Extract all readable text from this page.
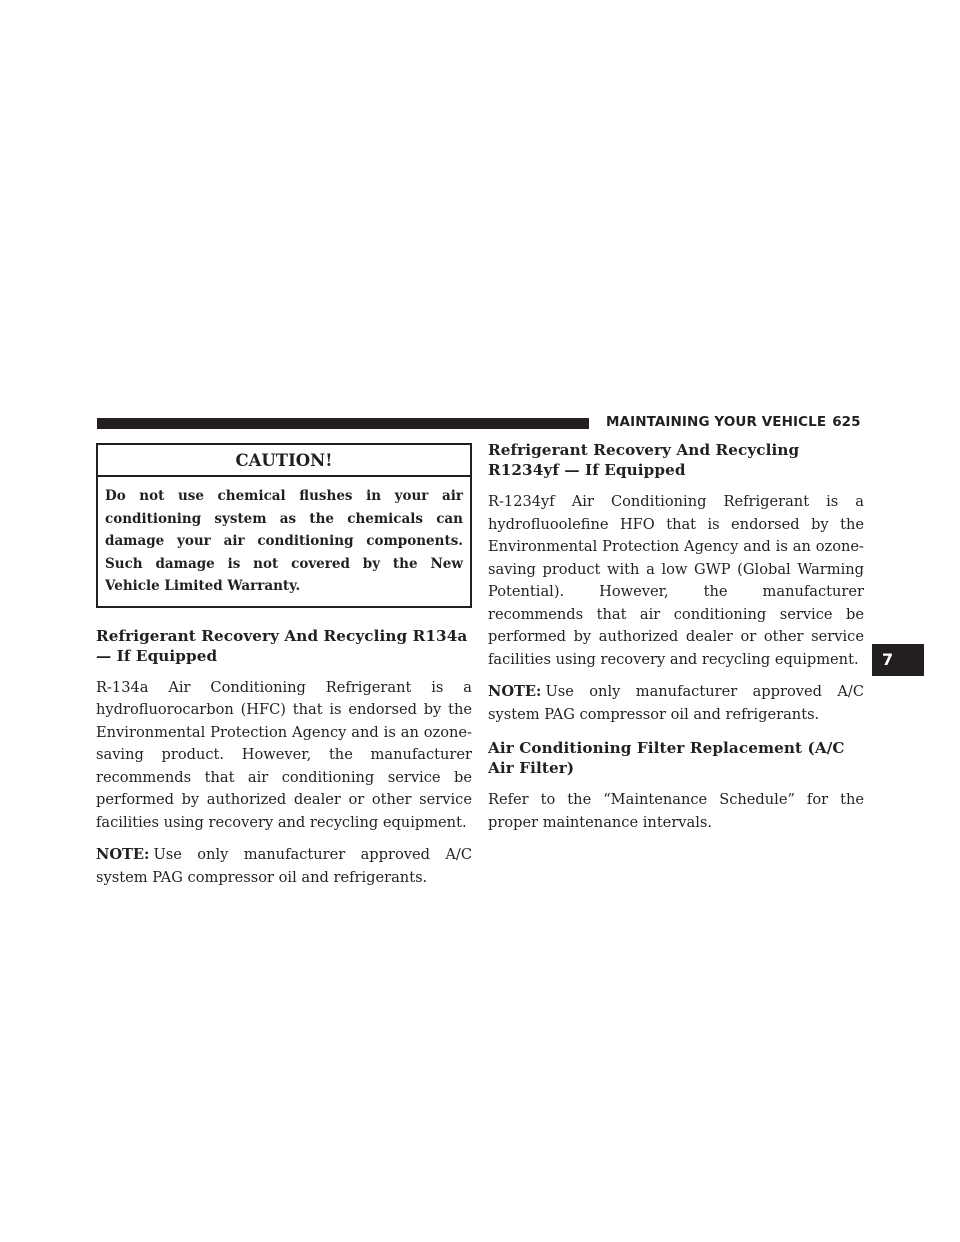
MAINTAINING YOUR VEHICLE 625
7
CAUTION!
Do not use chemical flushes in your air conditioning system as the chemicals can damage your air conditioning components. Such damage is not covered by the New Vehicle Limited Warranty.
Refrigerant Recovery And Recycling R134a — If Equipped

R-134a Air Conditioning Refrigerant is a hydrofluorocarbon (HFC) that is endorsed by the Environmental Protection Agency and is an ozone-saving product. However, the manufacturer recommends that air conditioning service be performed by authorized dealer or other service facilities using recovery and recycling equipment.

NOTE: Use only manufacturer approved A/C system PAG compressor oil and refrigerants.

Refrigerant Recovery And Recycling R1234yf — If Equipped

R-1234yf Air Conditioning Refrigerant is a hydrofluoolefine HFO that is endorsed by the Environmental Protection Agency and is an ozone-saving product with a low GWP (Global Warming Potential). However, the manufacturer recommends that air conditioning service be performed by authorized dealer or other service facilities using recovery and recycling equipment.

NOTE: Use only manufacturer approved A/C system PAG compressor oil and refrigerants.

Air Conditioning Filter Replacement (A/C Air Filter)

Refer to the “Maintenance Schedule” for the proper maintenance intervals.
